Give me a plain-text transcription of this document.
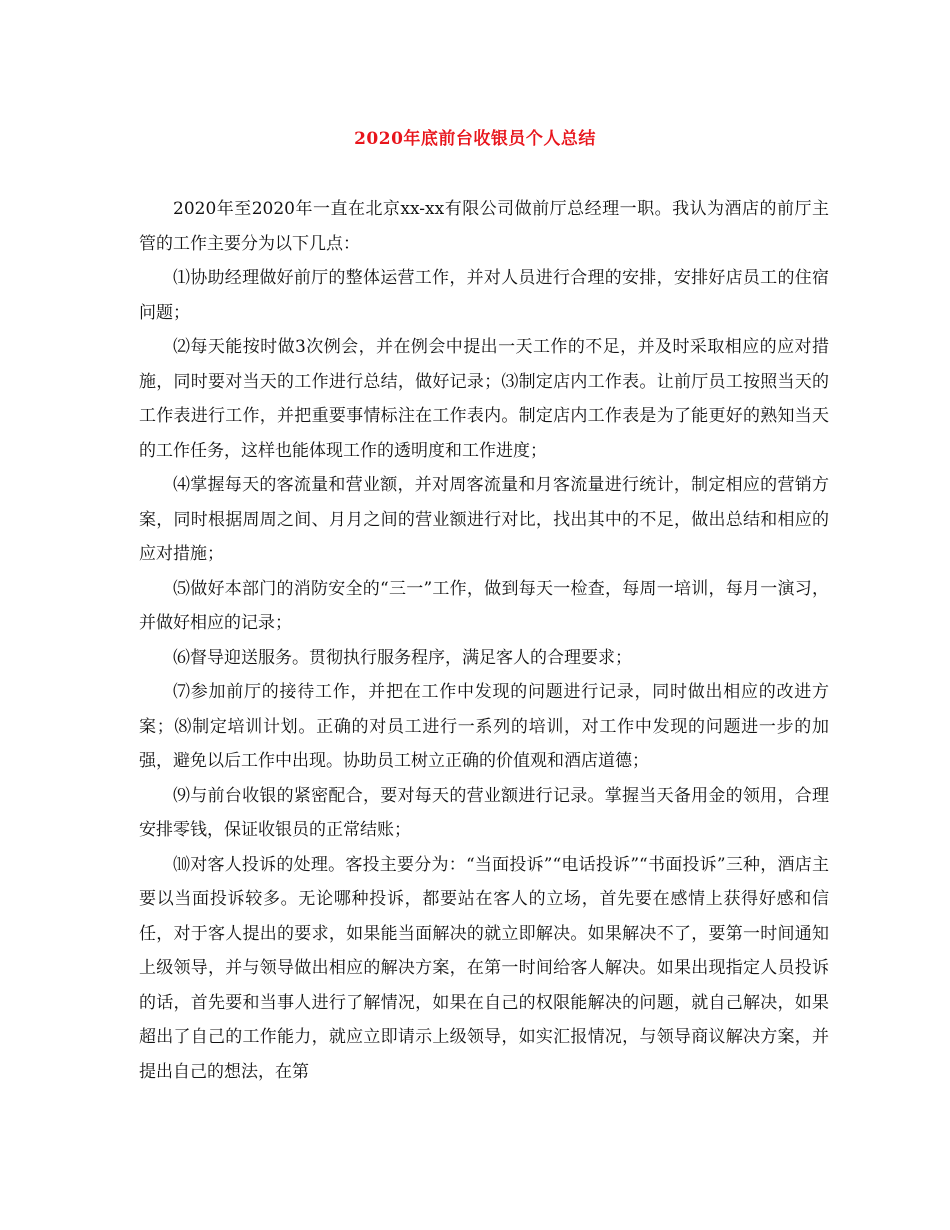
2020年底前台收银员个人总结

2020年至2020年一直在北京xx-xx有限公司做前厅总经理一职。我认为酒店的前厅主管的工作主要分为以下几点：

⑴协助经理做好前厅的整体运营工作，并对人员进行合理的安排，安排好店员工的住宿问题；

⑵每天能按时做3次例会，并在例会中提出一天工作的不足，并及时采取相应的应对措施，同时要对当天的工作进行总结，做好记录；⑶制定店内工作表。让前厅员工按照当天的工作表进行工作，并把重要事情标注在工作表内。制定店内工作表是为了能更好的熟知当天的工作任务，这样也能体现工作的透明度和工作进度；

⑷掌握每天的客流量和营业额，并对周客流量和月客流量进行统计，制定相应的营销方案，同时根据周周之间、月月之间的营业额进行对比，找出其中的不足，做出总结和相应的应对措施；

⑸做好本部门的消防安全的“三一”工作，做到每天一检查，每周一培训，每月一演习，并做好相应的记录；

⑹督导迎送服务。贯彻执行服务程序，满足客人的合理要求；

⑺参加前厅的接待工作，并把在工作中发现的问题进行记录，同时做出相应的改进方案；⑻制定培训计划。正确的对员工进行一系列的培训，对工作中发现的问题进一步的加强，避免以后工作中出现。协助员工树立正确的价值观和酒店道德；

⑼与前台收银的紧密配合，要对每天的营业额进行记录。掌握当天备用金的领用，合理安排零钱，保证收银员的正常结账；

⑽对客人投诉的处理。客投主要分为：“当面投诉”“电话投诉”“书面投诉”三种，酒店主要以当面投诉较多。无论哪种投诉，都要站在客人的立场，首先要在感情上获得好感和信任，对于客人提出的要求，如果能当面解决的就立即解决。如果解决不了，要第一时间通知上级领导，并与领导做出相应的解决方案，在第一时间给客人解决。如果出现指定人员投诉的话，首先要和当事人进行了解情况，如果在自己的权限能解决的问题，就自己解决，如果超出了自己的工作能力，就应立即请示上级领导，如实汇报情况，与领导商议解决方案，并提出自己的想法，在第
